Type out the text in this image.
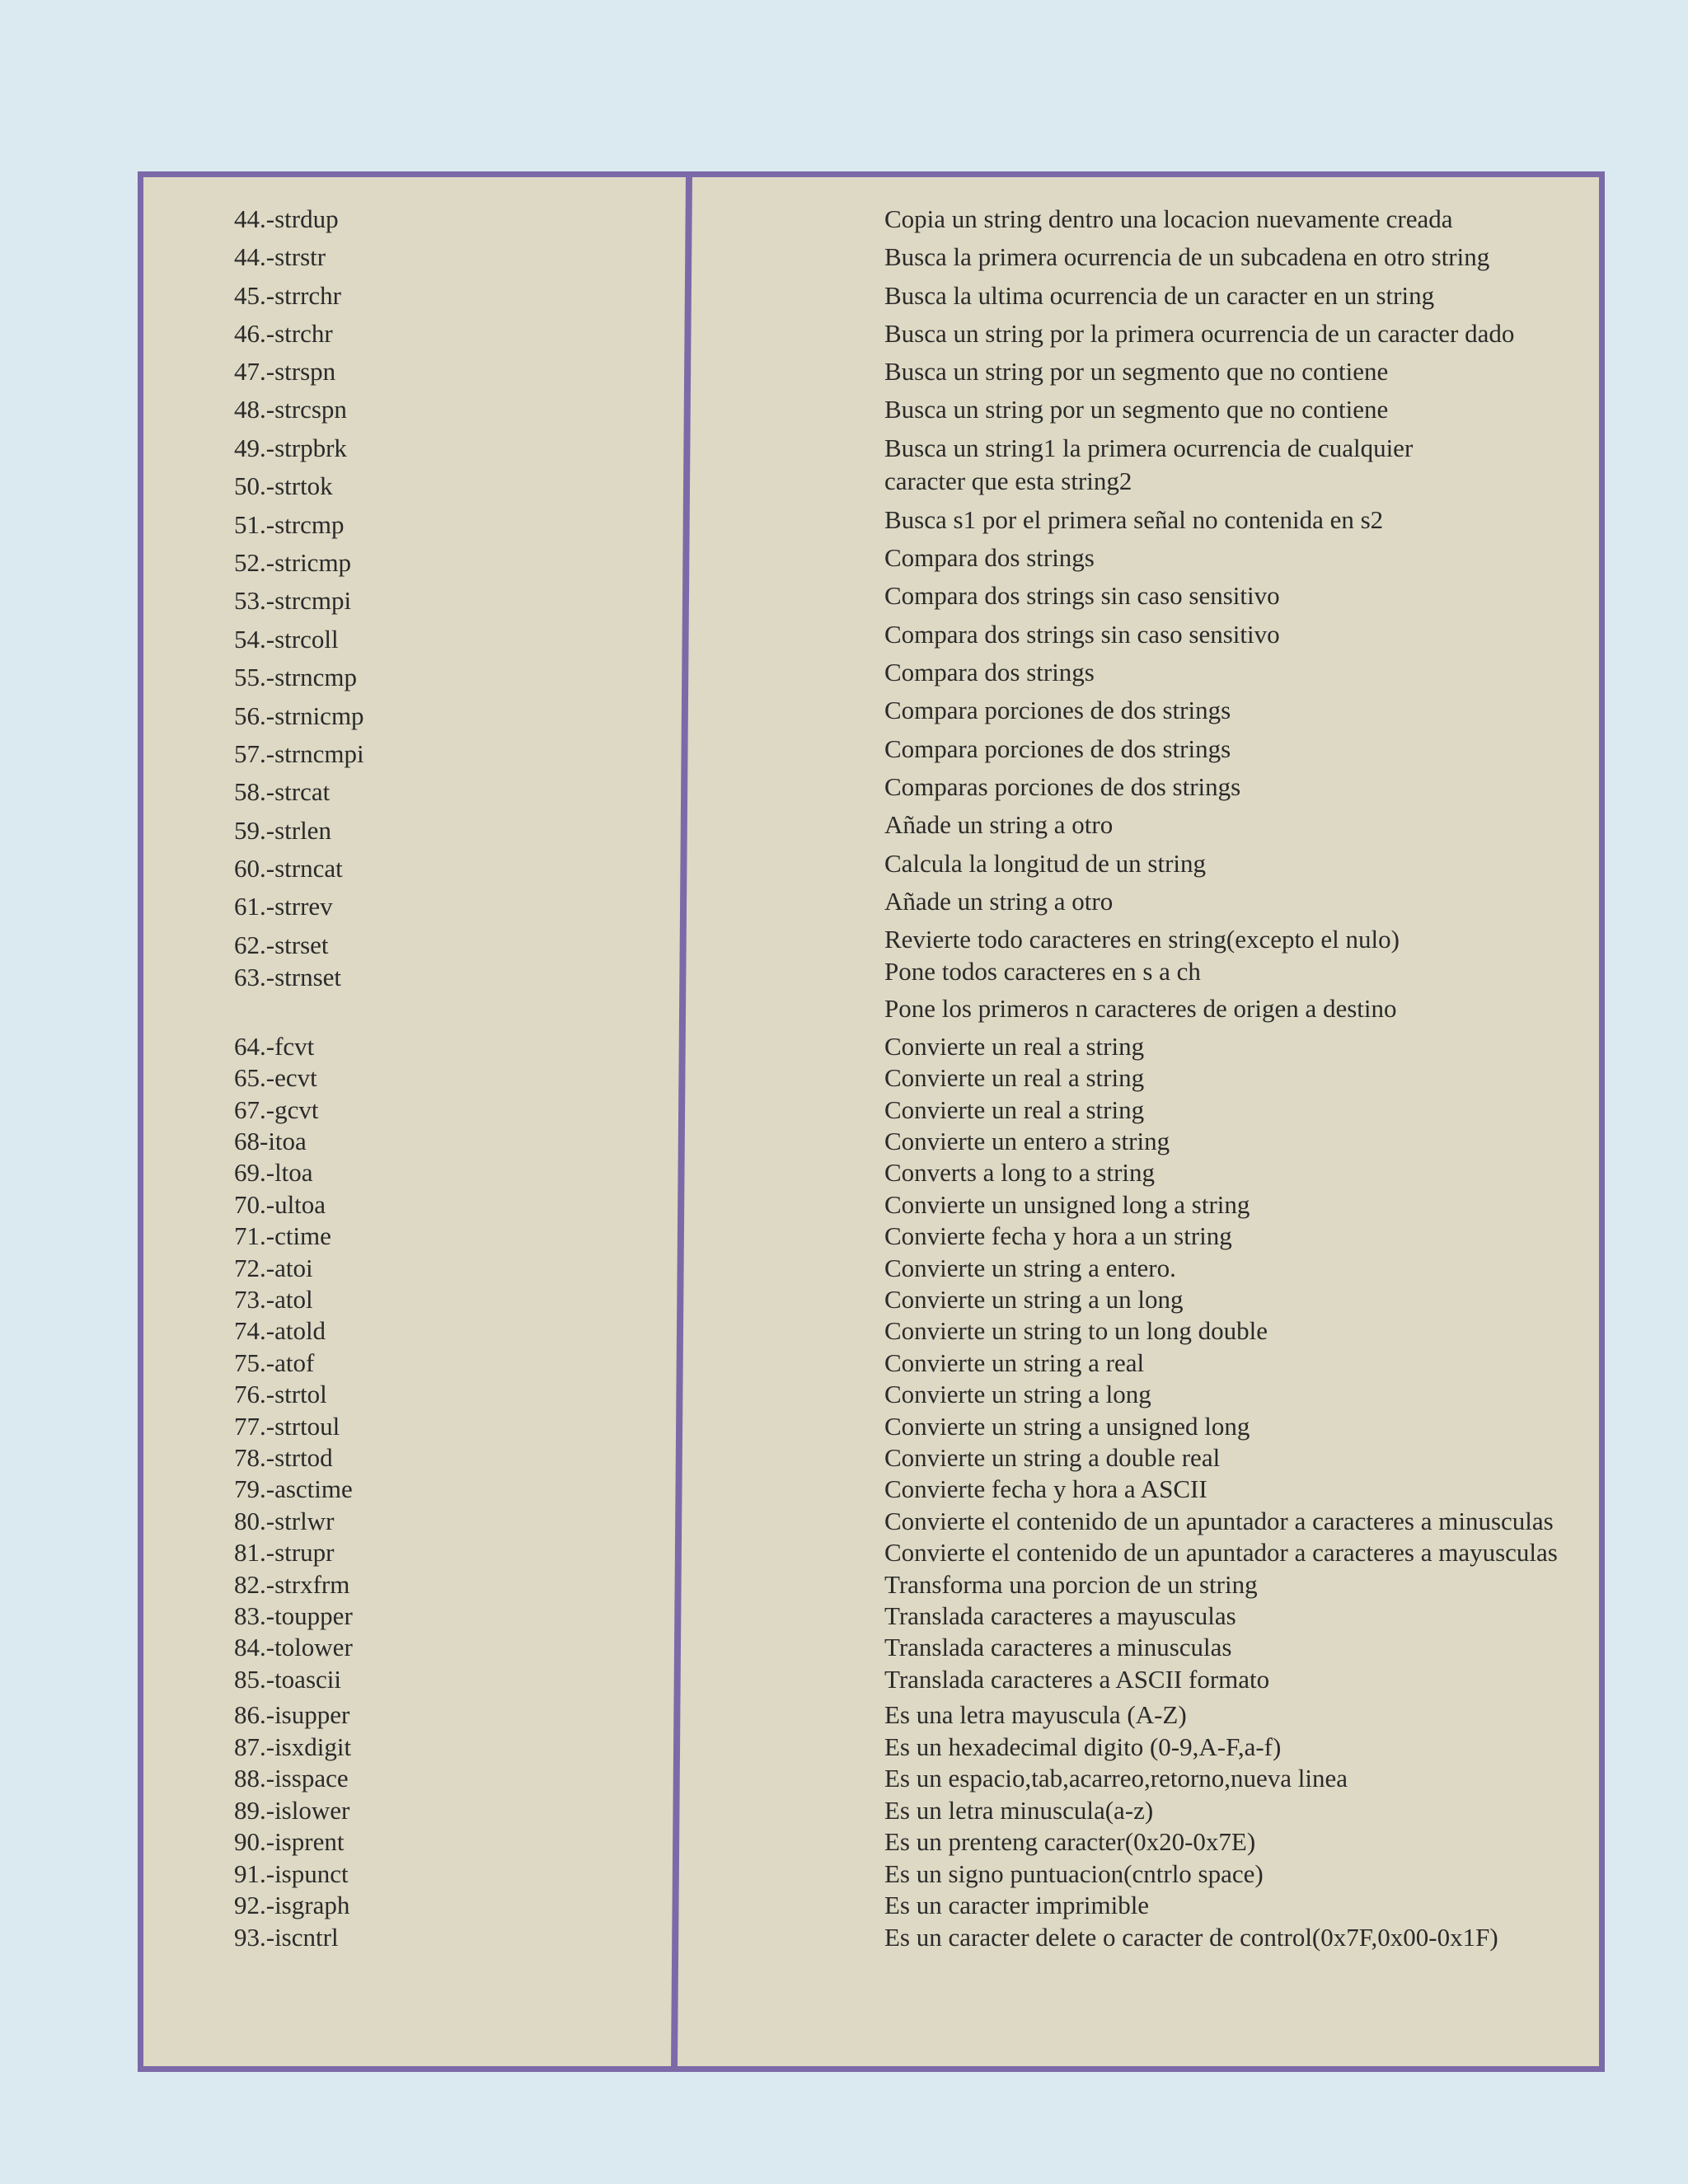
44.-strdup
44.-strstr
45.-strrchr
46.-strchr
47.-strspn
48.-strcspn
49.-strpbrk
50.-strtok
51.-strcmp
52.-stricmp
53.-strcmpi
54.-strcoll
55.-strncmp
56.-strnicmp
57.-strncmpi
58.-strcat
59.-strlen
60.-strncat
61.-strrev
62.-strset
63.-strnset
64.-fcvt
65.-ecvt
67.-gcvt
68-itoa
69.-ltoa
70.-ultoa
71.-ctime
72.-atoi
73.-atol
74.-atold
75.-atof
76.-strtol
77.-strtoul
78.-strtod
79.-asctime
80.-strlwr
81.-strupr
82.-strxfrm
83.-toupper
84.-tolower
85.-toascii
86.-isupper
87.-isxdigit
88.-isspace
89.-islower
90.-isprent
91.-ispunct
92.-isgraph
93.-iscntrl
Copia un string dentro una locacion nuevamente creada
Busca la primera ocurrencia de un subcadena en otro string
Busca la ultima ocurrencia de un caracter en un string
Busca un string por la primera ocurrencia de un caracter dado
Busca un string por un segmento que no contiene
Busca un string por un segmento que no contiene
Busca un string1 la primera ocurrencia de cualquier
caracter que esta string2
Busca s1 por el primera señal no contenida en s2
Compara dos strings
Compara dos strings sin caso sensitivo
Compara dos strings sin caso sensitivo
Compara dos strings
Compara porciones de dos strings
Compara porciones de dos strings
Comparas porciones de dos strings
Añade un string a otro
Calcula la longitud de un string
Añade un string a otro
Revierte todo caracteres en string(excepto el nulo)
Pone todos caracteres en s a ch
Pone los primeros n caracteres de origen a destino
Convierte un real a string
Convierte un real a string
Convierte un real a string
Convierte un entero a string
Converts a long to a string
Convierte un unsigned long a string
Convierte fecha y hora a un string
Convierte un string a entero.
Convierte un string a un long
Convierte un string to un long double
Convierte un string a real
Convierte un string a long
Convierte un string a unsigned long
Convierte un string a double real
Convierte fecha y hora a ASCII
Convierte el contenido de un apuntador a caracteres a minusculas
Convierte el contenido de un apuntador a caracteres a mayusculas
Transforma una porcion de un string
Translada caracteres a mayusculas
Translada caracteres a minusculas
Translada caracteres a ASCII formato
Es una letra mayuscula (A-Z)
Es un hexadecimal digito (0-9,A-F,a-f)
Es un espacio,tab,acarreo,retorno,nueva linea
Es un letra minuscula(a-z)
Es un prenteng caracter(0x20-0x7E)
Es un signo puntuacion(cntrlo space)
Es un caracter imprimible
Es un caracter delete o caracter de control(0x7F,0x00-0x1F)
